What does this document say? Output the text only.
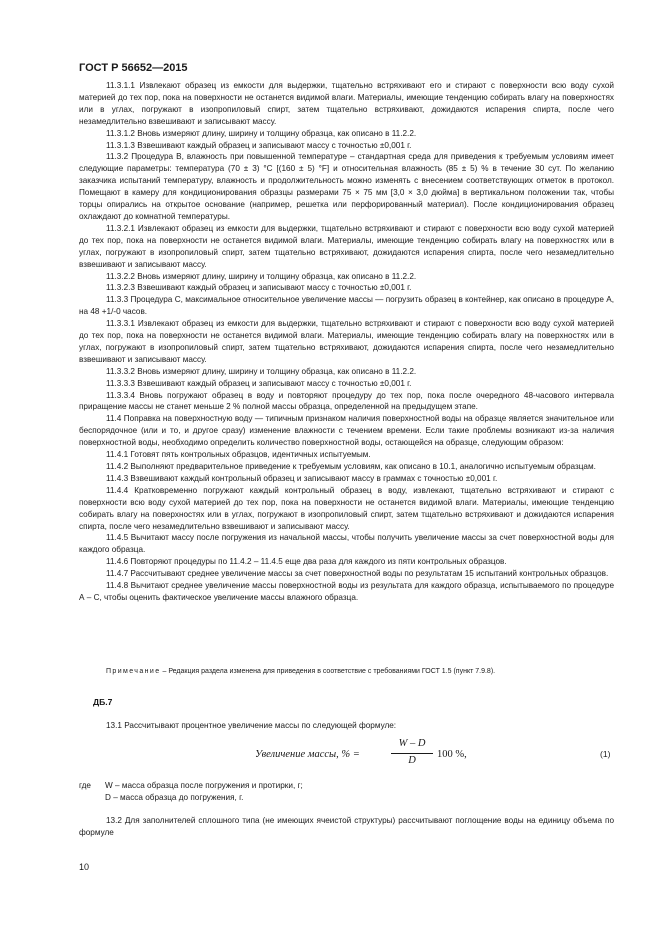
ГОСТ Р 56652—2015

11.3.1.1 Извлекают образец из емкости для выдержки, тщательно встряхивают его и стирают с поверхности всю воду сухой материей до тех пор, пока на поверхности не останется видимой влаги. Материалы, имеющие тенденцию собирать влагу на поверхностях или в углах, погружают в изопропиловый спирт, затем тщательно встряхивают, дожидаются испарения спирта, после чего незамедлительно взвешивают и записывают массу.

11.3.1.2 Вновь измеряют длину, ширину и толщину образца, как описано в 11.2.2.

11.3.1.3 Взвешивают каждый образец и записывают массу с точностью ±0,001 г.

11.3.2 Процедура В, влажность при повышенной температуре – стандартная среда для приведения к требуемым условиям имеет следующие параметры: температура (70 ± 3) °С [(160 ± 5) °F] и относительная влажность (85 ± 5) % в течение 30 сут. По желанию заказчика испытаний температуру, влажность и продолжительность можно изменять с внесением соответствующих отметок в протокол. Помещают в камеру для кондиционирования образцы размерами 75 × 75 мм [3,0 × 3,0 дюйма] в вертикальном положении так, чтобы торцы опирались на открытое основание (например, решетка или перфорированный материал). После кондиционирования образец охлаждают до комнатной температуры.

11.3.2.1 Извлекают образец из емкости для выдержки, тщательно встряхивают и стирают с поверхности всю воду сухой материей до тех пор, пока на поверхности не останется видимой влаги. Материалы, имеющие тенденцию собирать влагу на поверхностях или в углах, погружают в изопропиловый спирт, затем тщательно встряхивают, дожидаются испарения спирта, после чего незамедлительно взвешивают и записывают массу.

11.3.2.2 Вновь измеряют длину, ширину и толщину образца, как описано в 11.2.2.

11.3.2.3 Взвешивают каждый образец и записывают массу с точностью ±0,001 г.

11.3.3 Процедура С, максимальное относительное увеличение массы — погрузить образец в контейнер, как описано в процедуре А, на 48 +1/-0 часов.

11.3.3.1 Извлекают образец из емкости для выдержки, тщательно встряхивают и стирают с поверхности всю воду сухой материей до тех пор, пока на поверхности не останется видимой влаги. Материалы, имеющие тенденцию собирать влагу на поверхностях или в углах, погружают в изопропиловый спирт, затем тщательно встряхивают, дожидаются испарения спирта, после чего незамедлительно взвешивают и записывают массу.

11.3.3.2 Вновь измеряют длину, ширину и толщину образца, как описано в 11.2.2.

11.3.3.3 Взвешивают каждый образец и записывают массу с точностью ±0,001 г.

11.3.3.4 Вновь погружают образец в воду и повторяют процедуру до тех пор, пока после очередного 48-часового интервала приращение массы не станет меньше 2 % полной массы образца, определенной на предыдущем этапе.

11.4 Поправка на поверхностную воду — типичным признаком наличия поверхностной воды на образце является значительное или беспорядочное (или и то, и другое сразу) изменение влажности с течением времени. Если такие проблемы возникают из-за наличия поверхностной воды, необходимо определить количество поверхностной воды, остающейся на образце, следующим образом:

11.4.1 Готовят пять контрольных образцов, идентичных испытуемым.

11.4.2 Выполняют предварительное приведение к требуемым условиям, как описано в 10.1, аналогично испытуемым образцам.

11.4.3 Взвешивают каждый контрольный образец и записывают массу в граммах с точностью ±0,001 г.

11.4.4 Кратковременно погружают каждый контрольный образец в воду, извлекают, тщательно встряхивают и стирают с поверхности всю воду сухой материей до тех пор, пока на поверхности не останется видимой влаги. Материалы, имеющие тенденцию собирать влагу на поверхностях или в углах, погружают в изопропиловый спирт, затем тщательно встряхивают и дожидаются испарения спирта, после чего незамедлительно взвешивают и записывают массу.

11.4.5 Вычитают массу после погружения из начальной массы, чтобы получить увеличение массы за счет поверхностной воды для каждого образца.

11.4.6 Повторяют процедуры по 11.4.2 – 11.4.5 еще два раза для каждого из пяти контрольных образцов.

11.4.7 Рассчитывают среднее увеличение массы за счет поверхностной воды по результатам 15 испытаний контрольных образцов.

11.4.8 Вычитают среднее увеличение массы поверхностной воды из результата для каждого образца, испытываемого по процедуре А – С, чтобы оценить фактическое увеличение массы влажного образца.

Примечание – Редакция раздела изменена для приведения в соответствие с требованиями ГОСТ 1.5 (пункт 7.9.8).
ДБ.7
13.1 Рассчитывают процентное увеличение массы по следующей формуле:
Увеличение массы, % =
W – D
D
100 %,	(1)
где W – масса образца после погружения и протирки, г;
D – масса образца до погружения, г.
13.2 Для заполнителей сплошного типа (не имеющих ячеистой структуры) рассчитывают поглощение воды на единицу объема по формуле
10
